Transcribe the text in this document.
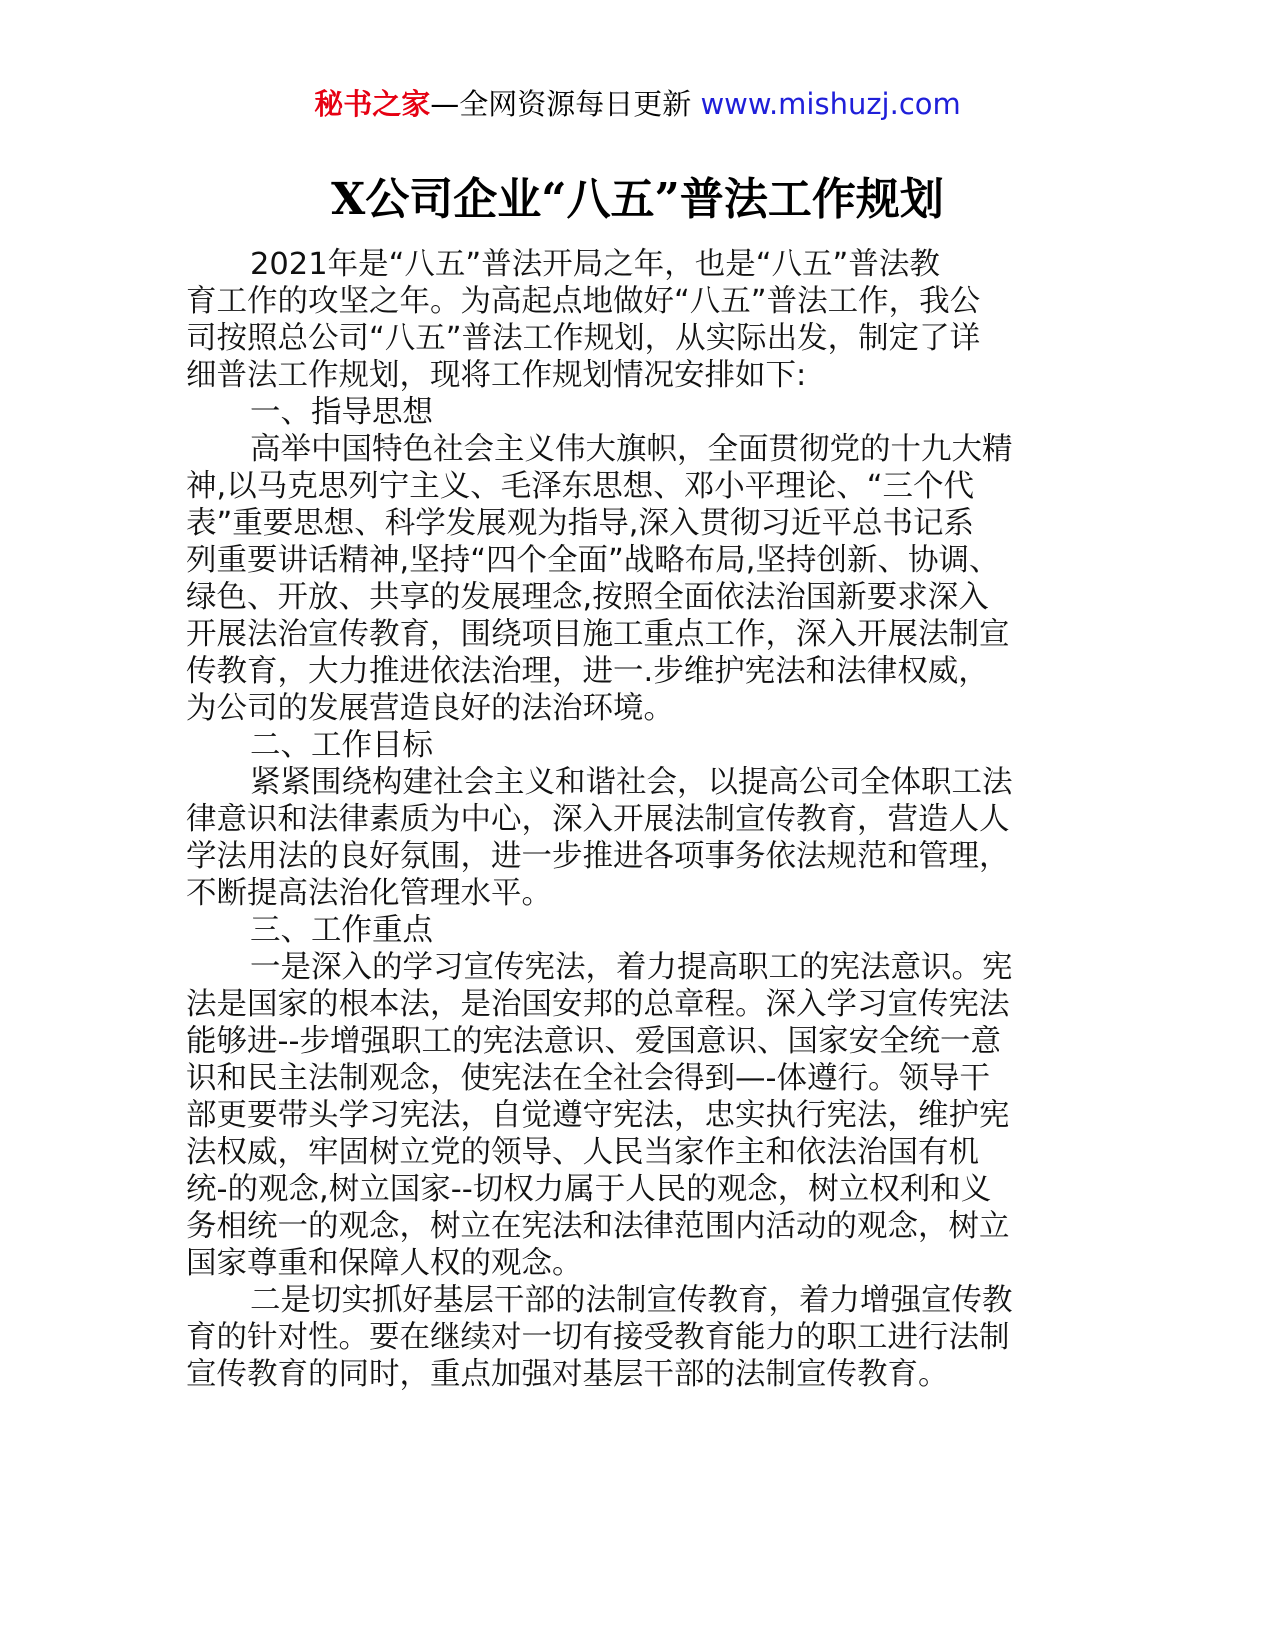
秘书之家—全网资源每日更新 www.mishuzj.com
X公司企业“八五”普法工作规划
2021年是“八五”普法开局之年，也是“八五”普法教
育工作的攻坚之年。为高起点地做好“八五”普法工作，我公
司按照总公司“八五”普法工作规划，从实际出发，制定了详
细普法工作规划，现将工作规划情况安排如下:
一、指导思想
高举中国特色社会主义伟大旗帜，全面贯彻党的十九大精
神,以马克思列宁主义、毛泽东思想、邓小平理论、“三个代
表”重要思想、科学发展观为指导,深入贯彻习近平总书记系
列重要讲话精神,坚持“四个全面”战略布局,坚持创新、协调、
绿色、开放、共享的发展理念,按照全面依法治国新要求深入
开展法治宣传教育，围绕项目施工重点工作，深入开展法制宣
传教育，大力推进依法治理，进一.步维护宪法和法律权威，
为公司的发展营造良好的法治环境。
二、工作目标
紧紧围绕构建社会主义和谐社会，以提高公司全体职工法
律意识和法律素质为中心，深入开展法制宣传教育，营造人人
学法用法的良好氛围，进一步推进各项事务依法规范和管理，
不断提高法治化管理水平。
三、工作重点
一是深入的学习宣传宪法，着力提高职工的宪法意识。宪
法是国家的根本法，是治国安邦的总章程。深入学习宣传宪法
能够进--步增强职工的宪法意识、爱国意识、国家安全统一意
识和民主法制观念，使宪法在全社会得到—-体遵行。领导干
部更要带头学习宪法，自觉遵守宪法，忠实执行宪法，维护宪
法权威，牢固树立党的领导、人民当家作主和依法治国有机
统-的观念,树立国家--切权力属于人民的观念，树立权利和义
务相统一的观念，树立在宪法和法律范围内活动的观念，树立
国家尊重和保障人权的观念。
二是切实抓好基层干部的法制宣传教育，着力增强宣传教
育的针对性。要在继续对一切有接受教育能力的职工进行法制
宣传教育的同时，重点加强对基层干部的法制宣传教育。
